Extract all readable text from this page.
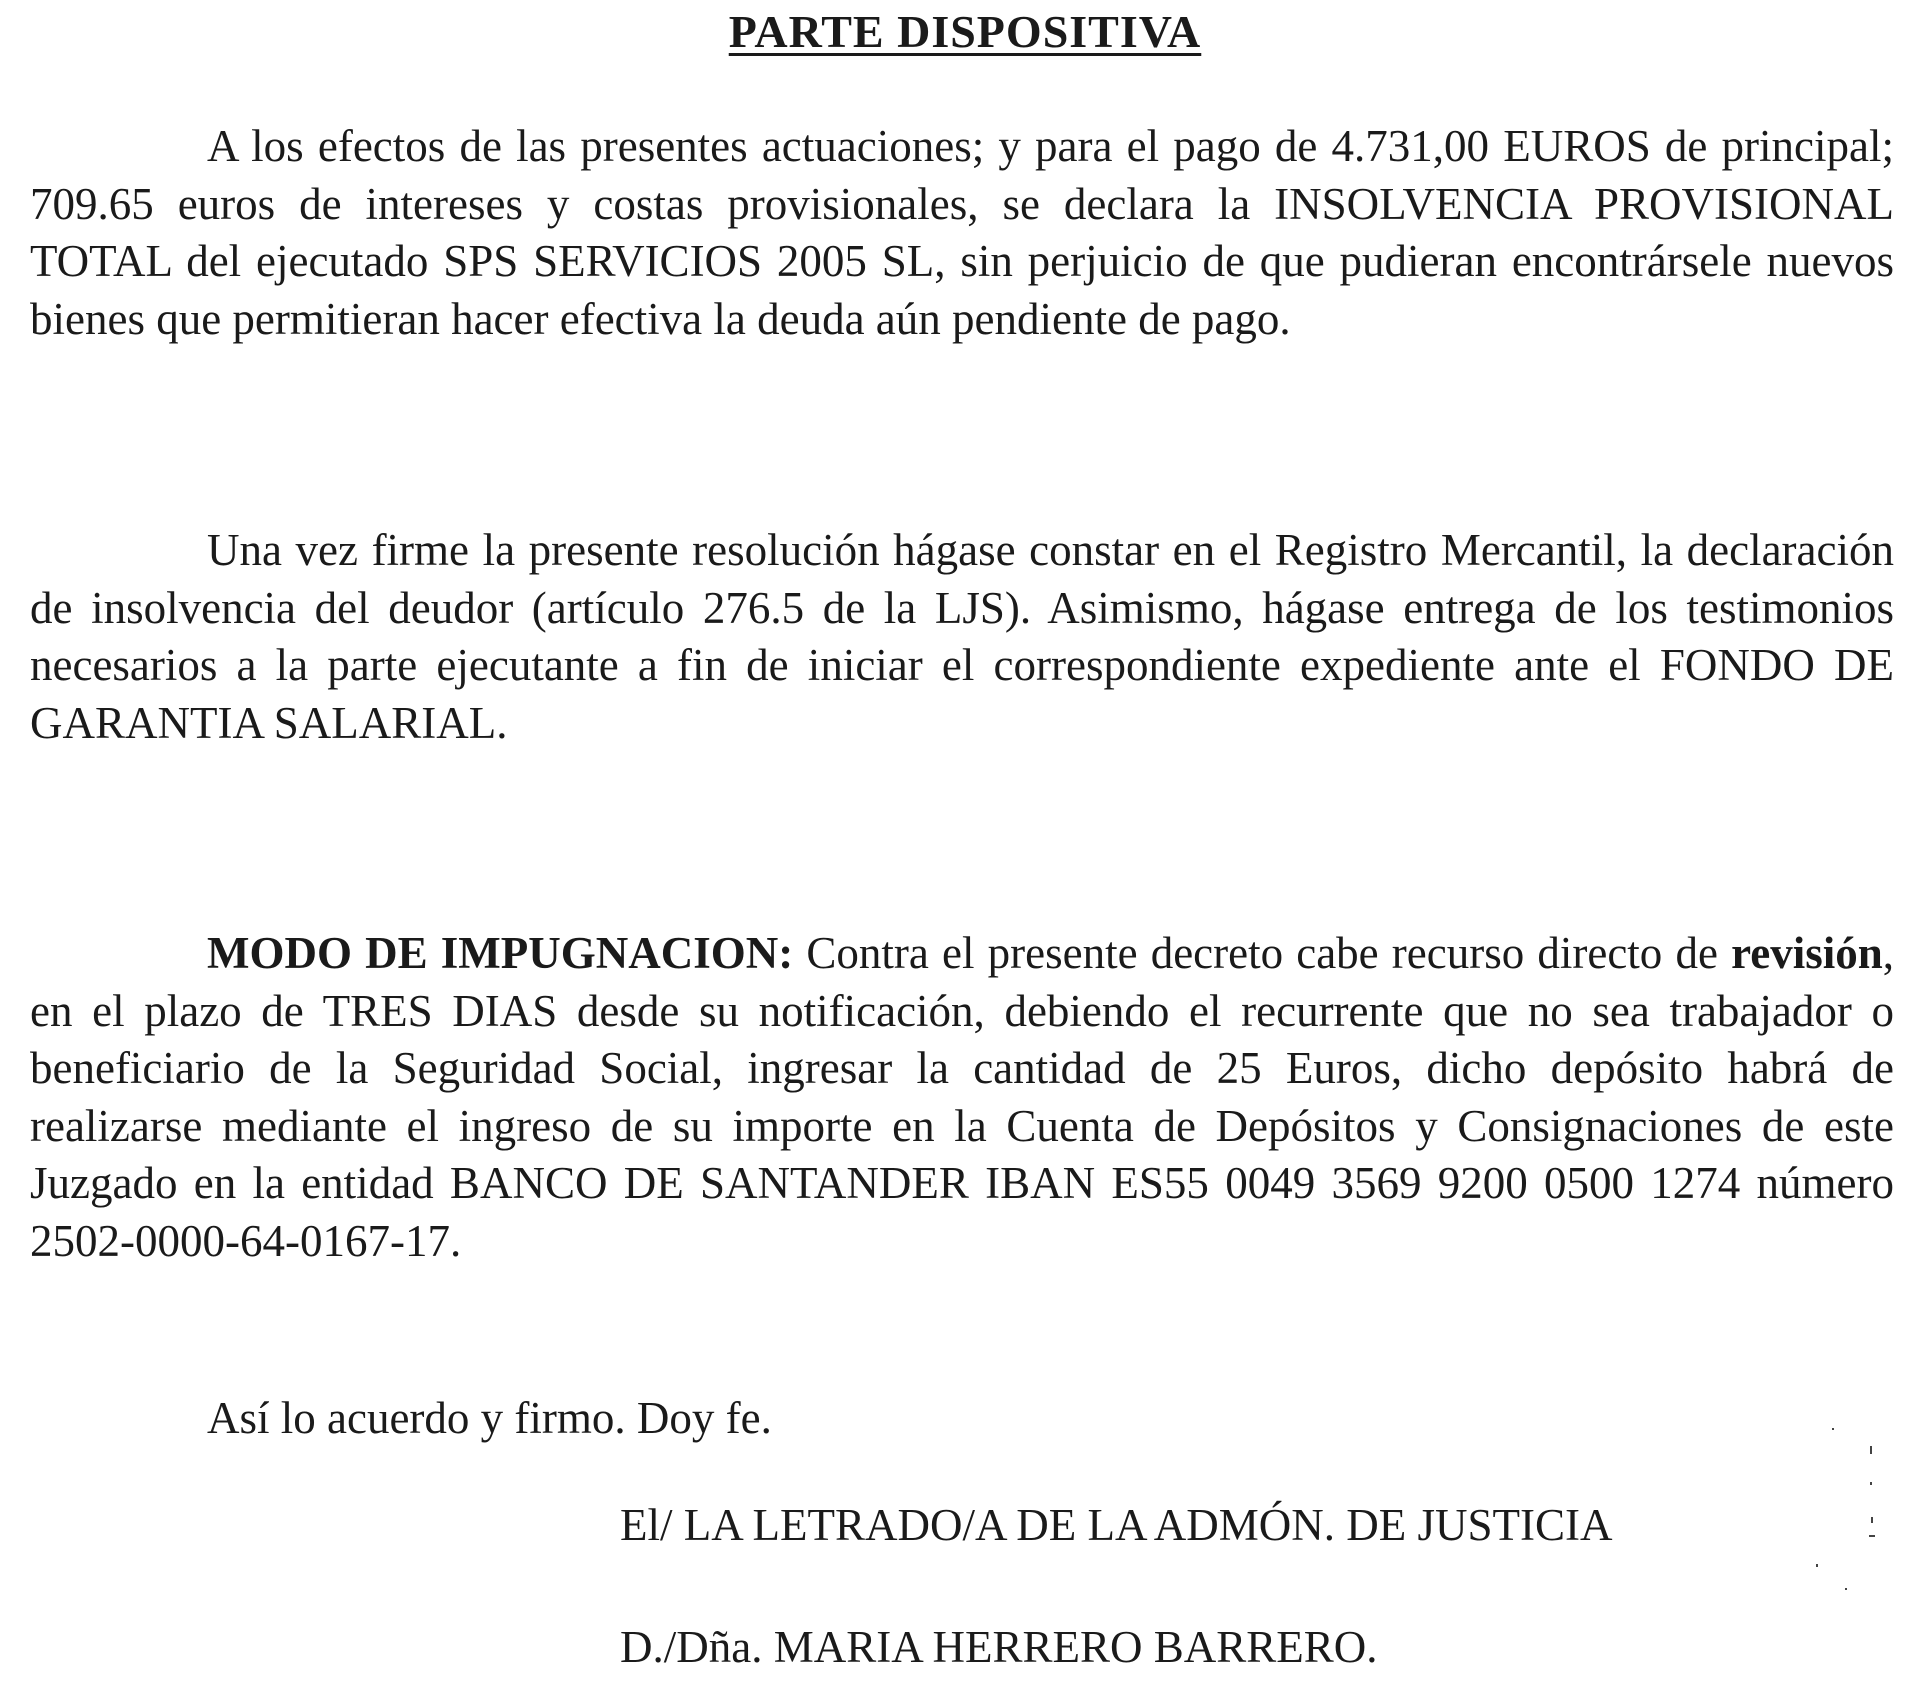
PARTE DISPOSITIVA

A los efectos de las presentes actuaciones; y para el pago de 4.731,00 EUROS de principal; 709.65 euros de intereses y costas provisionales, se declara la INSOLVENCIA PROVISIONAL TOTAL del ejecutado SPS SERVICIOS 2005 SL, sin perjuicio de que pudieran encontrársele nuevos bienes que permitieran hacer efectiva la deuda aún pendiente de pago.

Una vez firme la presente resolución hágase constar en el Registro Mercantil, la declaración de insolvencia del deudor (artículo 276.5 de la LJS). Asimismo, hágase entrega de los testimonios necesarios a la parte ejecutante a fin de iniciar el correspondiente expediente ante el FONDO DE GARANTIA SALARIAL.

MODO DE IMPUGNACION: Contra el presente decreto cabe recurso directo de revisión, en el plazo de TRES DIAS desde su notificación, debiendo el recurrente que no sea trabajador o beneficiario de la Seguridad Social, ingresar la cantidad de 25 Euros, dicho depósito habrá de realizarse mediante el ingreso de su importe en la Cuenta de Depósitos y Consignaciones de este Juzgado en la entidad BANCO DE SANTANDER IBAN ES55 0049 3569 9200 0500 1274 número 2502-0000-64-0167-17.

Así lo acuerdo y firmo. Doy fe.

El/ LA LETRADO/A DE LA ADMÓN. DE JUSTICIA

D./Dña. MARIA HERRERO BARRERO.
